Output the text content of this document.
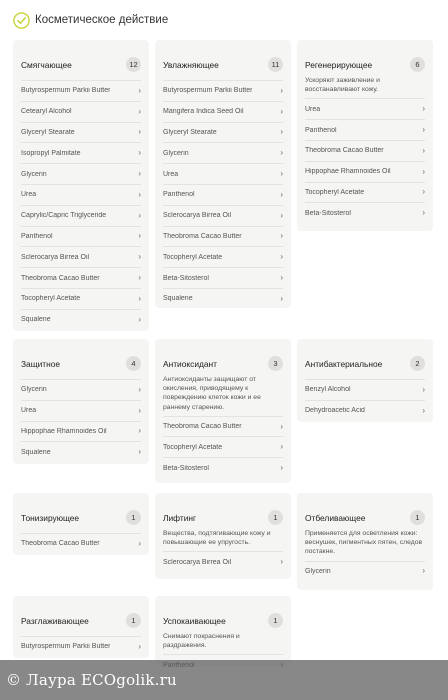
Косметическое действие
Смягчающее	12
Butyrospermum Parkii Butter	›
Cetearyl Alcohol	›
Glyceryl Stearate	›
Isopropyl Palmitate	›
Glycerin	›
Urea	›
Caprylic/Capric Triglyceride	›
Panthenol	›
Sclerocarya Birrea Oil	›
Theobroma Cacao Butter	›
Tocopheryl Acetate	›
Squalene	›
Увлажняющее	11
Butyrospermum Parkii Butter	›
Mangifera Indica Seed Oil	›
Glyceryl Stearate	›
Glycerin	›
Urea	›
Panthenol	›
Sclerocarya Birrea Oil	›
Theobroma Cacao Butter	›
Tocopheryl Acetate	›
Beta-Sitosterol	›
Squalene	›
Регенерирующее	6
Ускоряют заживление и восстанавливают кожу.
Urea	›
Panthenol	›
Theobroma Cacao Butter	›
Hippophae Rhamnoides Oil	›
Tocopheryl Acetate	›
Beta-Sitosterol	›
Защитное	4
Glycerin	›
Urea	›
Hippophae Rhamnoides Oil	›
Squalene	›
Антиоксидант	3
Антиоксиданты защищают от окисления, приводящему к повреждению клеток кожи и ее раннему старению.
Theobroma Cacao Butter	›
Tocopheryl Acetate	›
Beta-Sitosterol	›
Антибактериальное	2
Benzyl Alcohol	›
Dehydroacetic Acid	›
Тонизирующее	1
Theobroma Cacao Butter	›
Лифтинг	1
Вещества, подтягивающие кожу и повышающие ее упругость.
Sclerocarya Birrea Oil	›
Отбеливающее	1
Применяется для осветления кожи: веснушек, пигментных пятен, следов постакне.
Glycerin	›
Разглаживающее	1
Butyrospermum Parkii Butter	›
Успокаивающее	1
Снимают покраснения и раздражения.
© Лаура ECOgolik.ru
